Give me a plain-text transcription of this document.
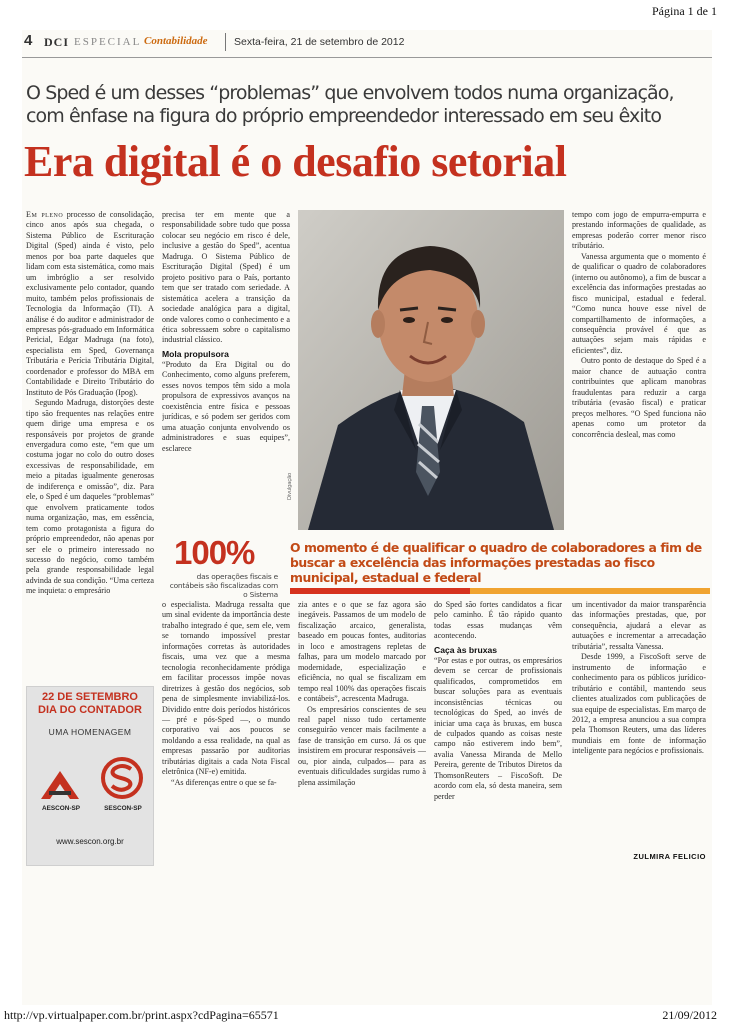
Página 1 de 1
4 DCI ESPECIAL Contabilidade	Sexta-feira, 21 de setembro de 2012
O Sped é um desses “problemas” que envolvem todos numa organização,
com ênfase na figura do próprio empreendedor interessado em seu êxito
Era digital é o desafio setorial

Em pleno processo de consolidação, cinco anos após sua chegada, o Sistema Público de Escrituração Digital (Sped) ainda é visto, pelo menos por boa parte daqueles que lidam com esta sistemática, como mais um imbróglio a ser resolvido exclusivamente pelo contador, quando muito, também pelos profissionais de Tecnologia da Informação (TI). A análise é do auditor e administrador de empresas pós-graduado em Informática Pericial, Edgar Madruga (na foto), especialista em Sped, Governança Tributária e Perícia Tributária Digital, coordenador e professor do MBA em Contabilidade e Direito Tributário do Instituto de Pós Graduação (Ipog).

Segundo Madruga, distorções deste tipo são frequentes nas relações entre quem dirige uma empresa e os responsáveis por projetos de grande envergadura como este, “em que um costuma jogar no colo do outro doses excessivas de responsabilidade, em meio a pitadas igualmente generosas de indiferença e omissão”, diz. Para ele, o Sped é um daqueles “problemas” que envolvem praticamente todos numa organização, mas, em essência, tem como protagonista a figura do próprio empreendedor, não apenas por ser ele o primeiro interessado no sucesso do negócio, como também pela grande responsabilidade legal advinda de sua condição. “Uma certeza me inquieta: o empresário

precisa ter em mente que a responsabilidade sobre tudo que possa colocar seu negócio em risco é dele, inclusive a gestão do Sped”, acentua Madruga. O Sistema Público de Escrituração Digital (Sped) é um projeto positivo para o País, portanto tem que ser tratado com seriedade. A sistemática acelera a transição da sociedade analógica para a digital, onde valores como o conhecimento e a ética sobressaem sobre o capitalismo industrial clássico.

Mola propulsora

“Produto da Era Digital ou do Conhecimento, como alguns preferem, esses novos tempos têm sido a mola propulsora de expressivos avanços na coexistência entre física e pessoas jurídicas, e só podem ser geridos com uma atuação conjunta envolvendo os administradores e suas equipes”, esclarece

Divulgação

tempo com jogo de empurra-empurra e prestando informações de qualidade, as empresas poderão correr menor risco tributário.

Vanessa argumenta que o momento é de qualificar o quadro de colaboradores (interno ou autônomo), a fim de buscar a excelência das informações prestadas ao fisco municipal, estadual e federal. “Como nunca houve esse nível de compartilhamento de informações, a consequência provável é que as autuações sejam mais rápidas e eficientes”, diz.

Outro ponto de destaque do Sped é a maior chance de autuação contra contribuintes que aplicam manobras fraudulentas para reduzir a carga tributária (evasão fiscal) e praticar preços melhores. “O Sped funciona não apenas como um protetor da concorrência desleal, mas como

100%
das operações fiscais e contábeis são fiscalizadas com o Sistema
O momento é de qualificar o quadro de colaboradores a fim de buscar a excelência das informações prestadas ao fisco municipal, estadual e federal

o especialista. Madruga ressalta que um sinal evidente da importância deste trabalho integrado é que, sem ele, vem se tornando impossível prestar informações corretas às autoridades fiscais, uma vez que a mesma tecnologia reconhecidamente pródiga em facilitar processos impõe novas diretrizes à gestão dos negócios, sob pena de simplesmente inviabilizá-los. Dividido entre dois períodos históricos — pré e pós-Sped —, o mundo corporativo vai aos poucos se moldando a essa realidade, na qual as empresas passarão por auditorias tributárias digitais a cada Nota Fiscal eletrônica (NF-e) emitida.

“As diferenças entre o que se fa-

zia antes e o que se faz agora são inegáveis. Passamos de um modelo de fiscalização arcaico, generalista, baseado em poucas fontes, auditorias in loco e amostragens repletas de falhas, para um modelo marcado por modernidade, especialização e eficiência, no qual se fiscalizam em tempo real 100% das operações fiscais e contábeis”, acrescenta Madruga.

Os empresários conscientes de seu real papel nisso tudo certamente conseguirão vencer mais facilmente a fase de transição em curso. Já os que insistirem em procurar responsáveis —ou, pior ainda, culpados— para as eventuais dificuldades surgidas rumo à plena assimilação

do Sped são fortes candidatos a ficar pelo caminho. É tão rápido quanto todas essas mudanças vêm acontecendo.

Caça às bruxas

“Por estas e por outras, os empresários devem se cercar de profissionais qualificados, comprometidos em buscar soluções para as eventuais inconsistências técnicas ou tecnológicas do Sped, ao invés de iniciar uma caça às bruxas, em busca de culpados quando as coisas neste campo não estiverem indo bem”, avalia Vanessa Miranda de Mello Pereira, gerente de Tributos Diretos da ThomsonReuters – FiscoSoft. De acordo com ela, só desta maneira, sem perder

um incentivador da maior transparência das informações prestadas, que, por consequência, ajudará a elevar as autuações e incrementar a arrecadação tributária”, ressalta Vanessa.

Desde 1999, a FiscoSoft serve de instrumento de informação e conhecimento para os públicos jurídico-tributário e contábil, mantendo seus clientes atualizados com publicações de sua equipe de especialistas. Em março de 2012, a empresa anunciou a sua compra pela Thomson Reuters, uma das líderes mundiais em fonte de informação inteligente para negócios e profissionais.

ZULMIRA FELICIO
22 DE SETEMBRO
DIA DO CONTADOR
UMA HOMENAGEM
AESCON-SP	SESCON-SP
www.sescon.org.br
http://vp.virtualpaper.com.br/print.aspx?cdPagina=65571	21/09/2012
